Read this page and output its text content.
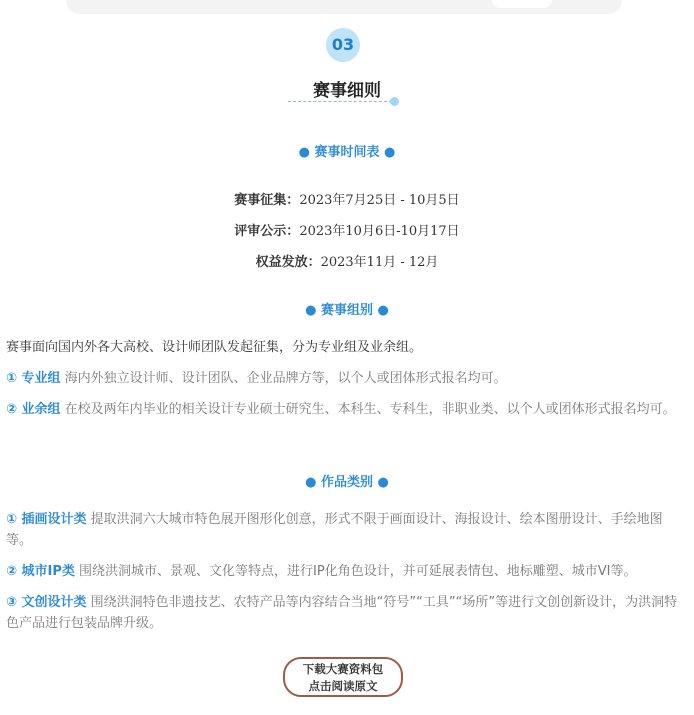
03
赛事细则
● 赛事时间表 ●
赛事征集：2023年7月25日 - 10月5日
评审公示：2023年10月6日-10月17日
权益发放：2023年11月 - 12月
● 赛事组别 ●
赛事面向国内外各大高校、设计师团队发起征集，分为专业组及业余组。
① 专业组 海内外独立设计师、设计团队、企业品牌方等，以个人或团体形式报名均可。
② 业余组 在校及两年内毕业的相关设计专业硕士研究生、本科生、专科生，非职业类、以个人或团体形式报名均可。
● 作品类别 ●
① 插画设计类 提取洪洞六大城市特色展开图形化创意，形式不限于画面设计、海报设计、绘本图册设计、手绘地图等。
② 城市IP类 围绕洪洞城市、景观、文化等特点，进行IP化角色设计，并可延展表情包、地标雕塑、城市VI等。
③ 文创设计类 围绕洪洞特色非遗技艺、农特产品等内容结合当地“符号”“工具”“场所”等进行文创创新设计，为洪洞特色产品进行包装品牌升级。
下载大赛资料包
点击阅读原文
